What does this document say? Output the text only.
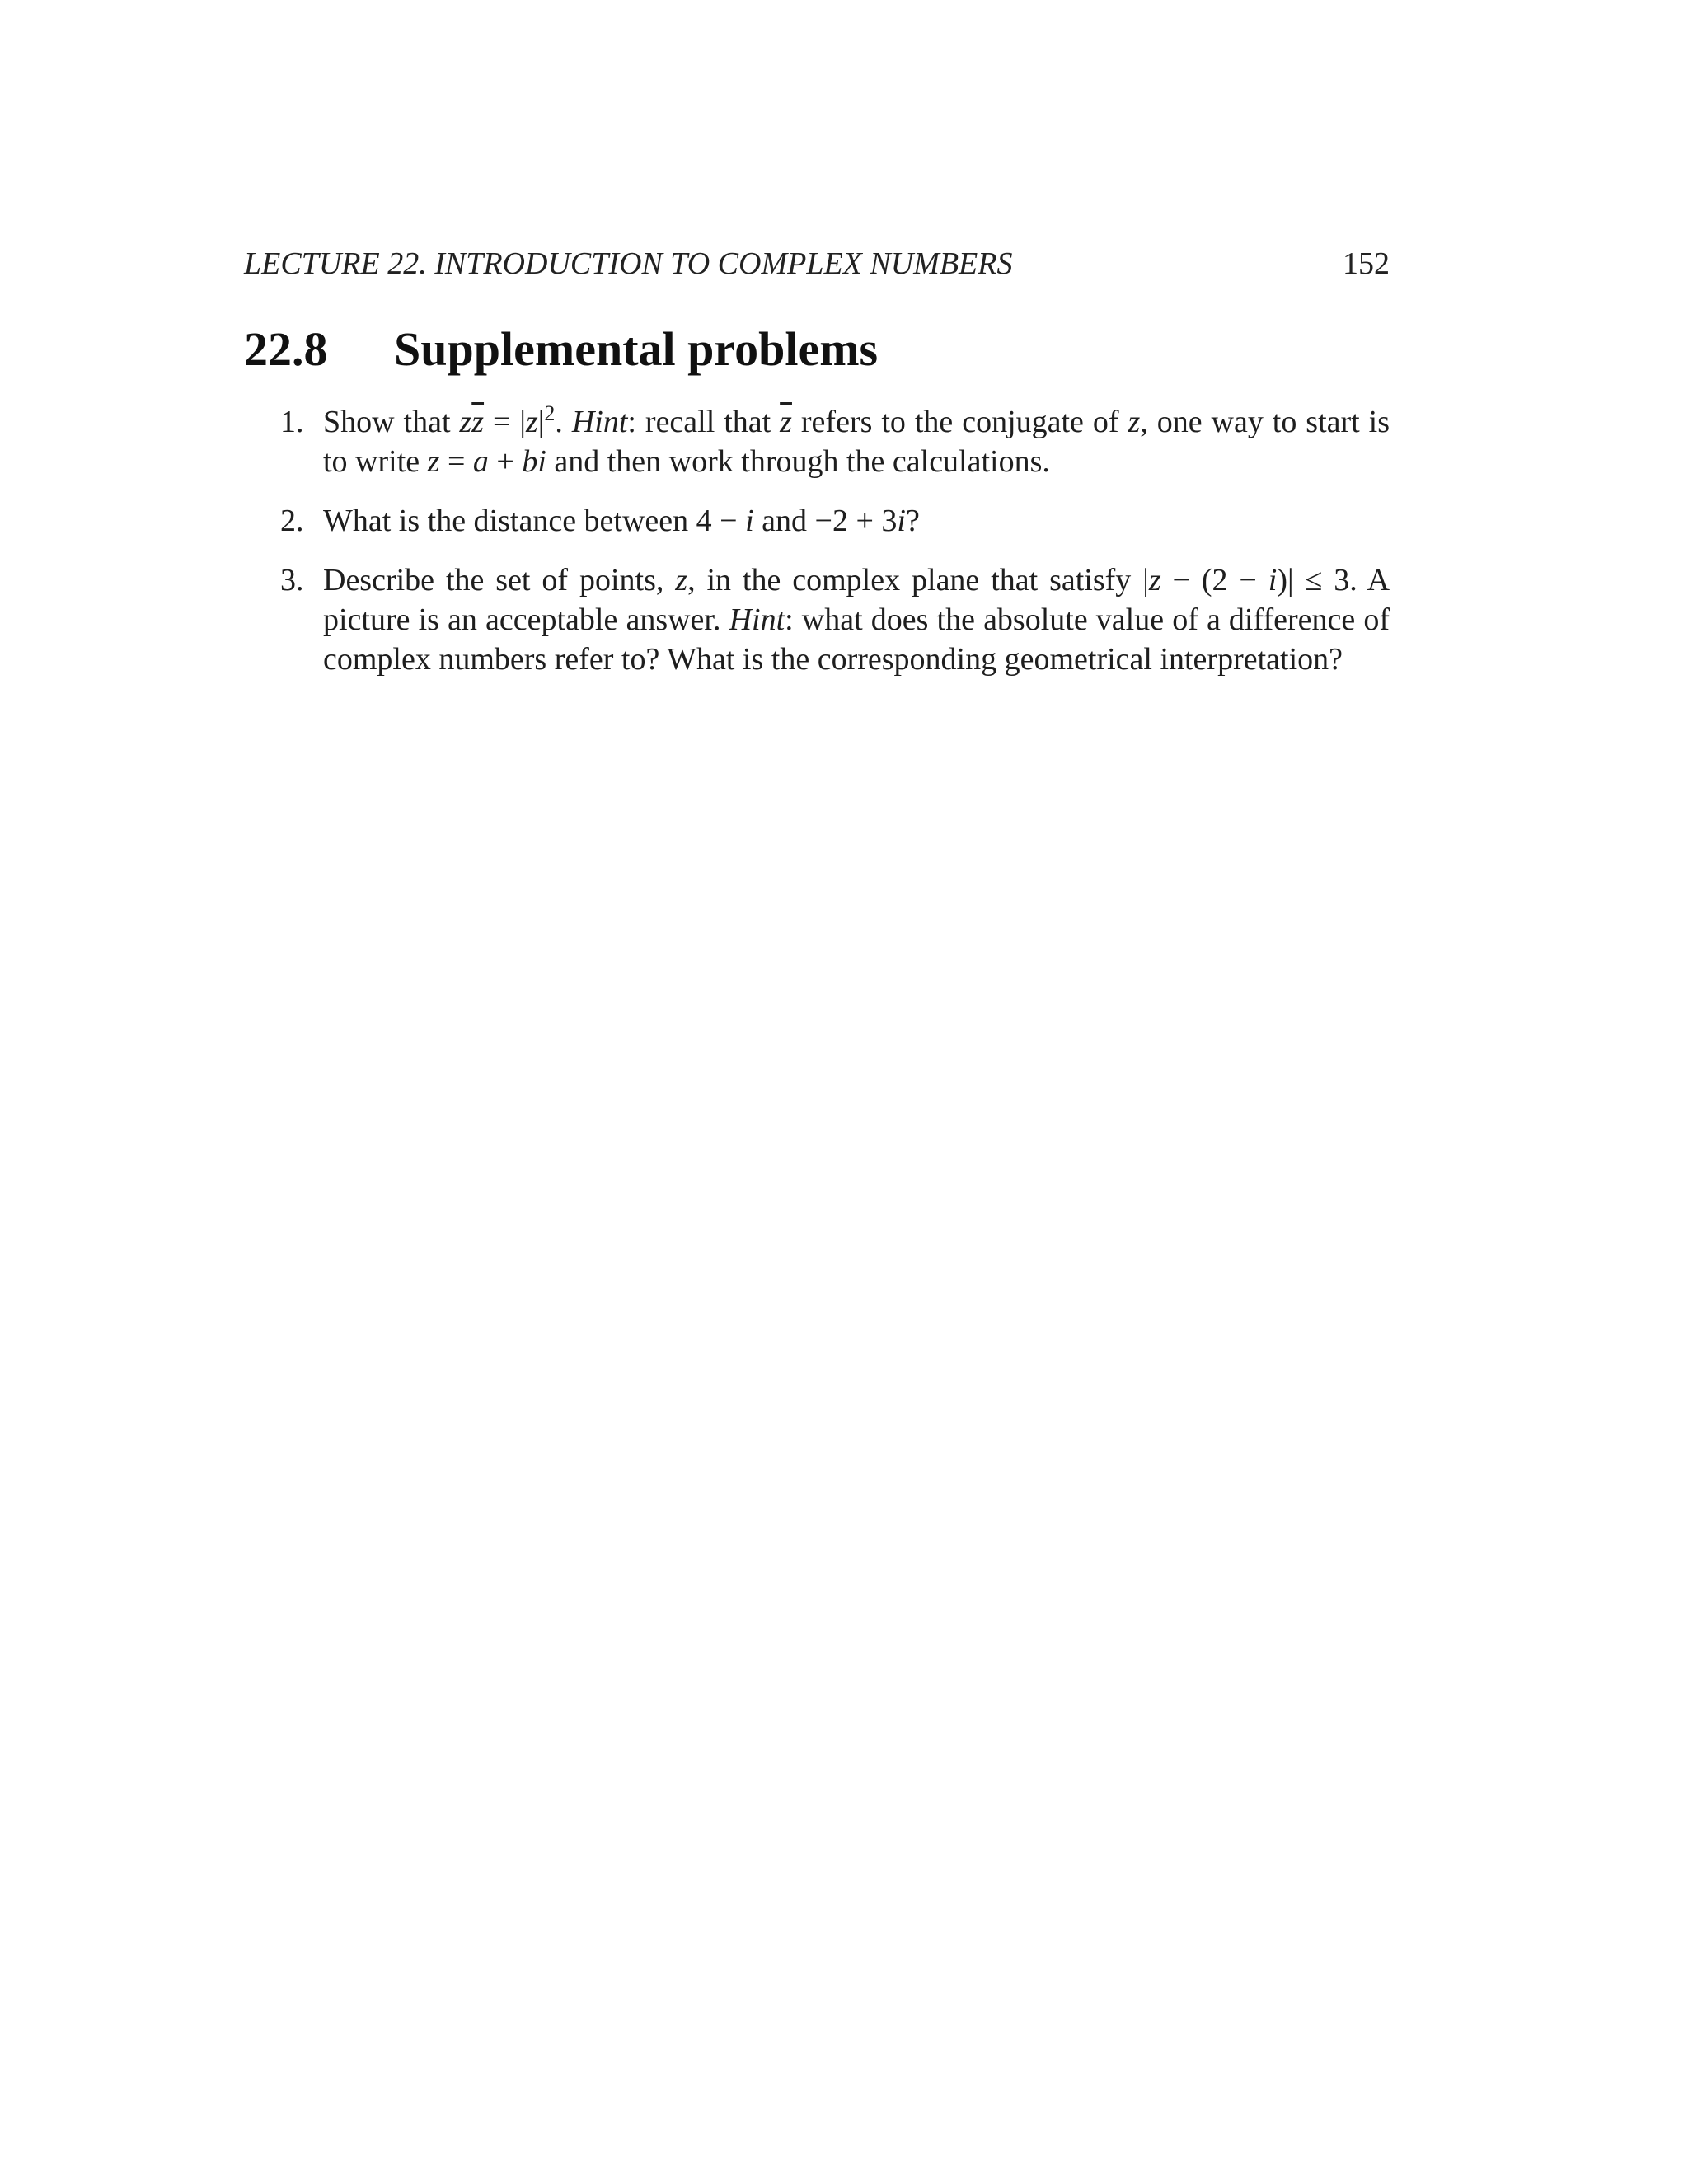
LECTURE 22. INTRODUCTION TO COMPLEX NUMBERS	152
22.8 Supplemental problems
1. Show that $z\overline{z} = |z|^2$. Hint: recall that $\overline{z}$ refers to the conjugate of z, one way to start is to write z = a + bi and then work through the calculations.
2. What is the distance between 4 − i and −2 + 3i?
3. Describe the set of points, z, in the complex plane that satisfy |z − (2 − i)| ≤ 3. A picture is an acceptable answer. Hint: what does the absolute value of a difference of complex numbers refer to? What is the corresponding geometrical interpretation?
